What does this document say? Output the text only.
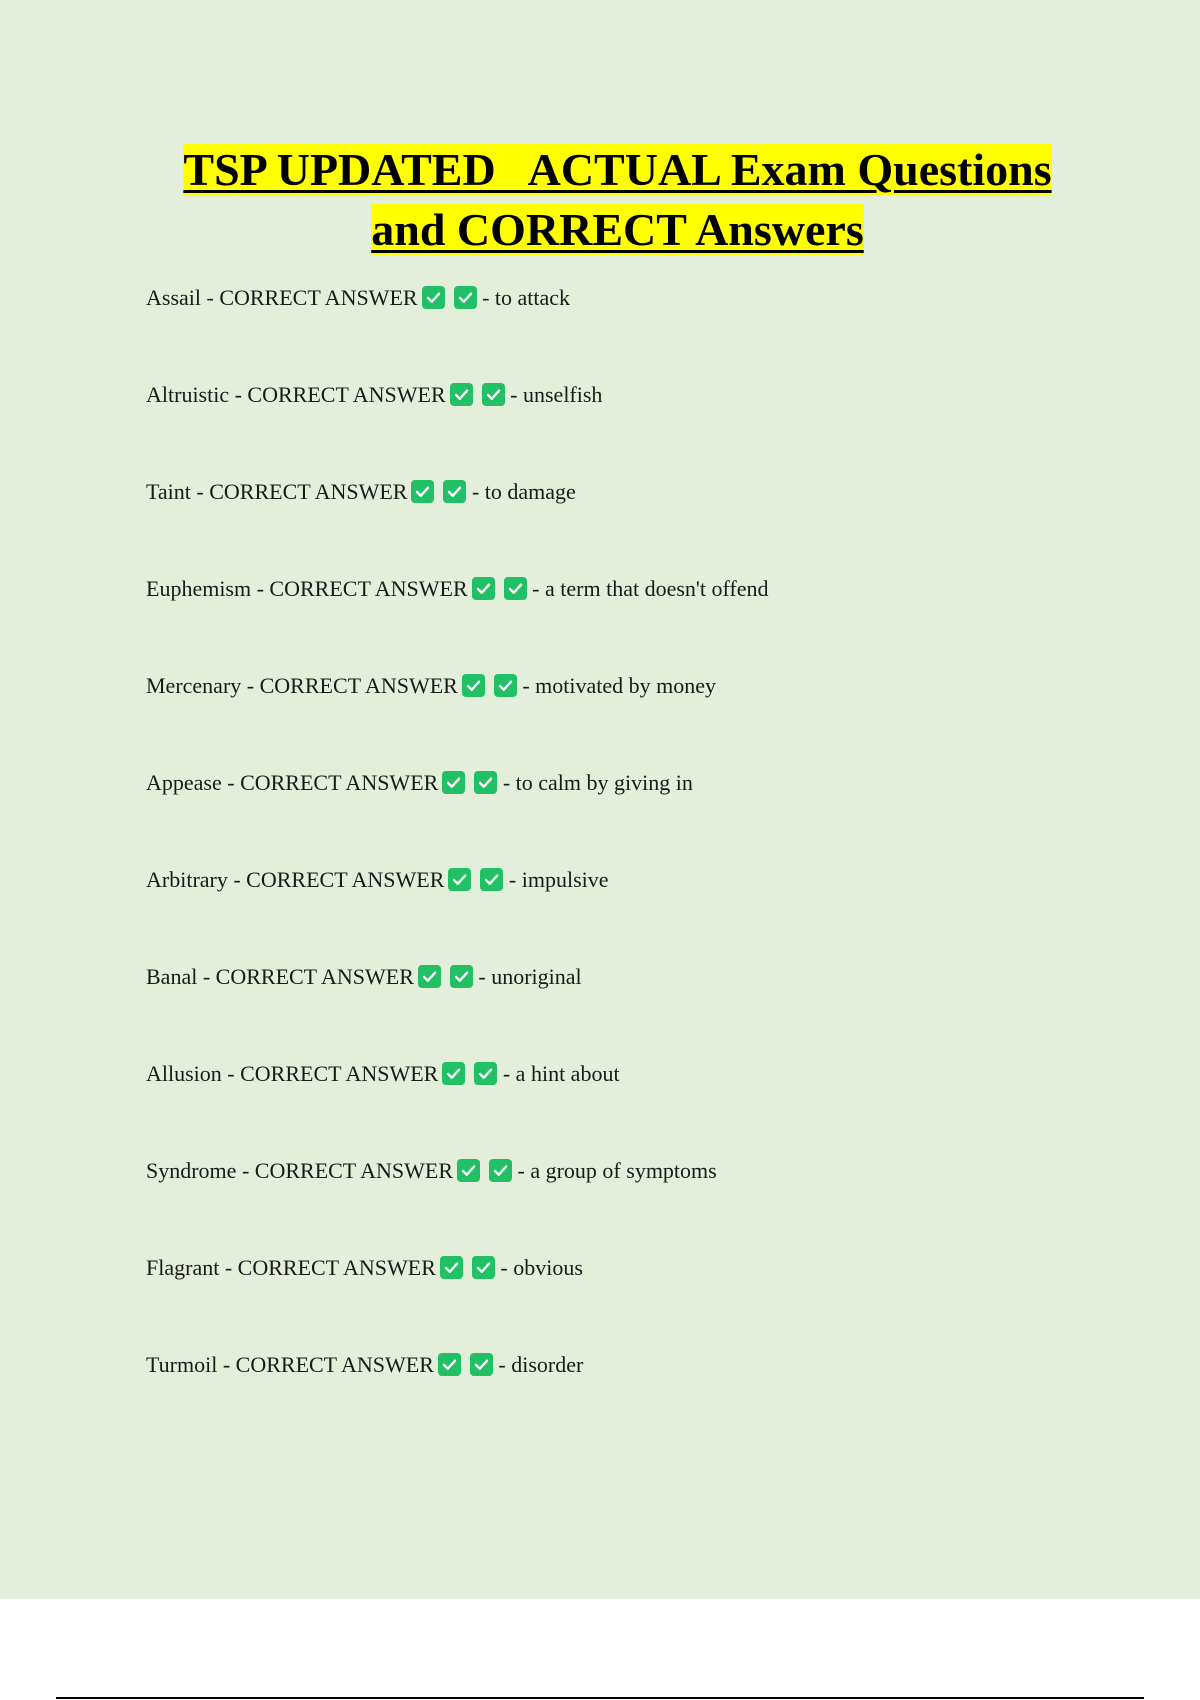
TSP UPDATED   ACTUAL Exam Questions
and CORRECT Answers
Assail - CORRECT ANSWER	- to attack
Altruistic - CORRECT ANSWER	- unselfish
Taint - CORRECT ANSWER	- to damage
Euphemism - CORRECT ANSWER	- a term that doesn't offend
Mercenary - CORRECT ANSWER	- motivated by money
Appease - CORRECT ANSWER	- to calm by giving in
Arbitrary - CORRECT ANSWER	- impulsive
Banal - CORRECT ANSWER	- unoriginal
Allusion - CORRECT ANSWER	- a hint about
Syndrome - CORRECT ANSWER	- a group of symptoms
Flagrant - CORRECT ANSWER	- obvious
Turmoil - CORRECT ANSWER	- disorder
